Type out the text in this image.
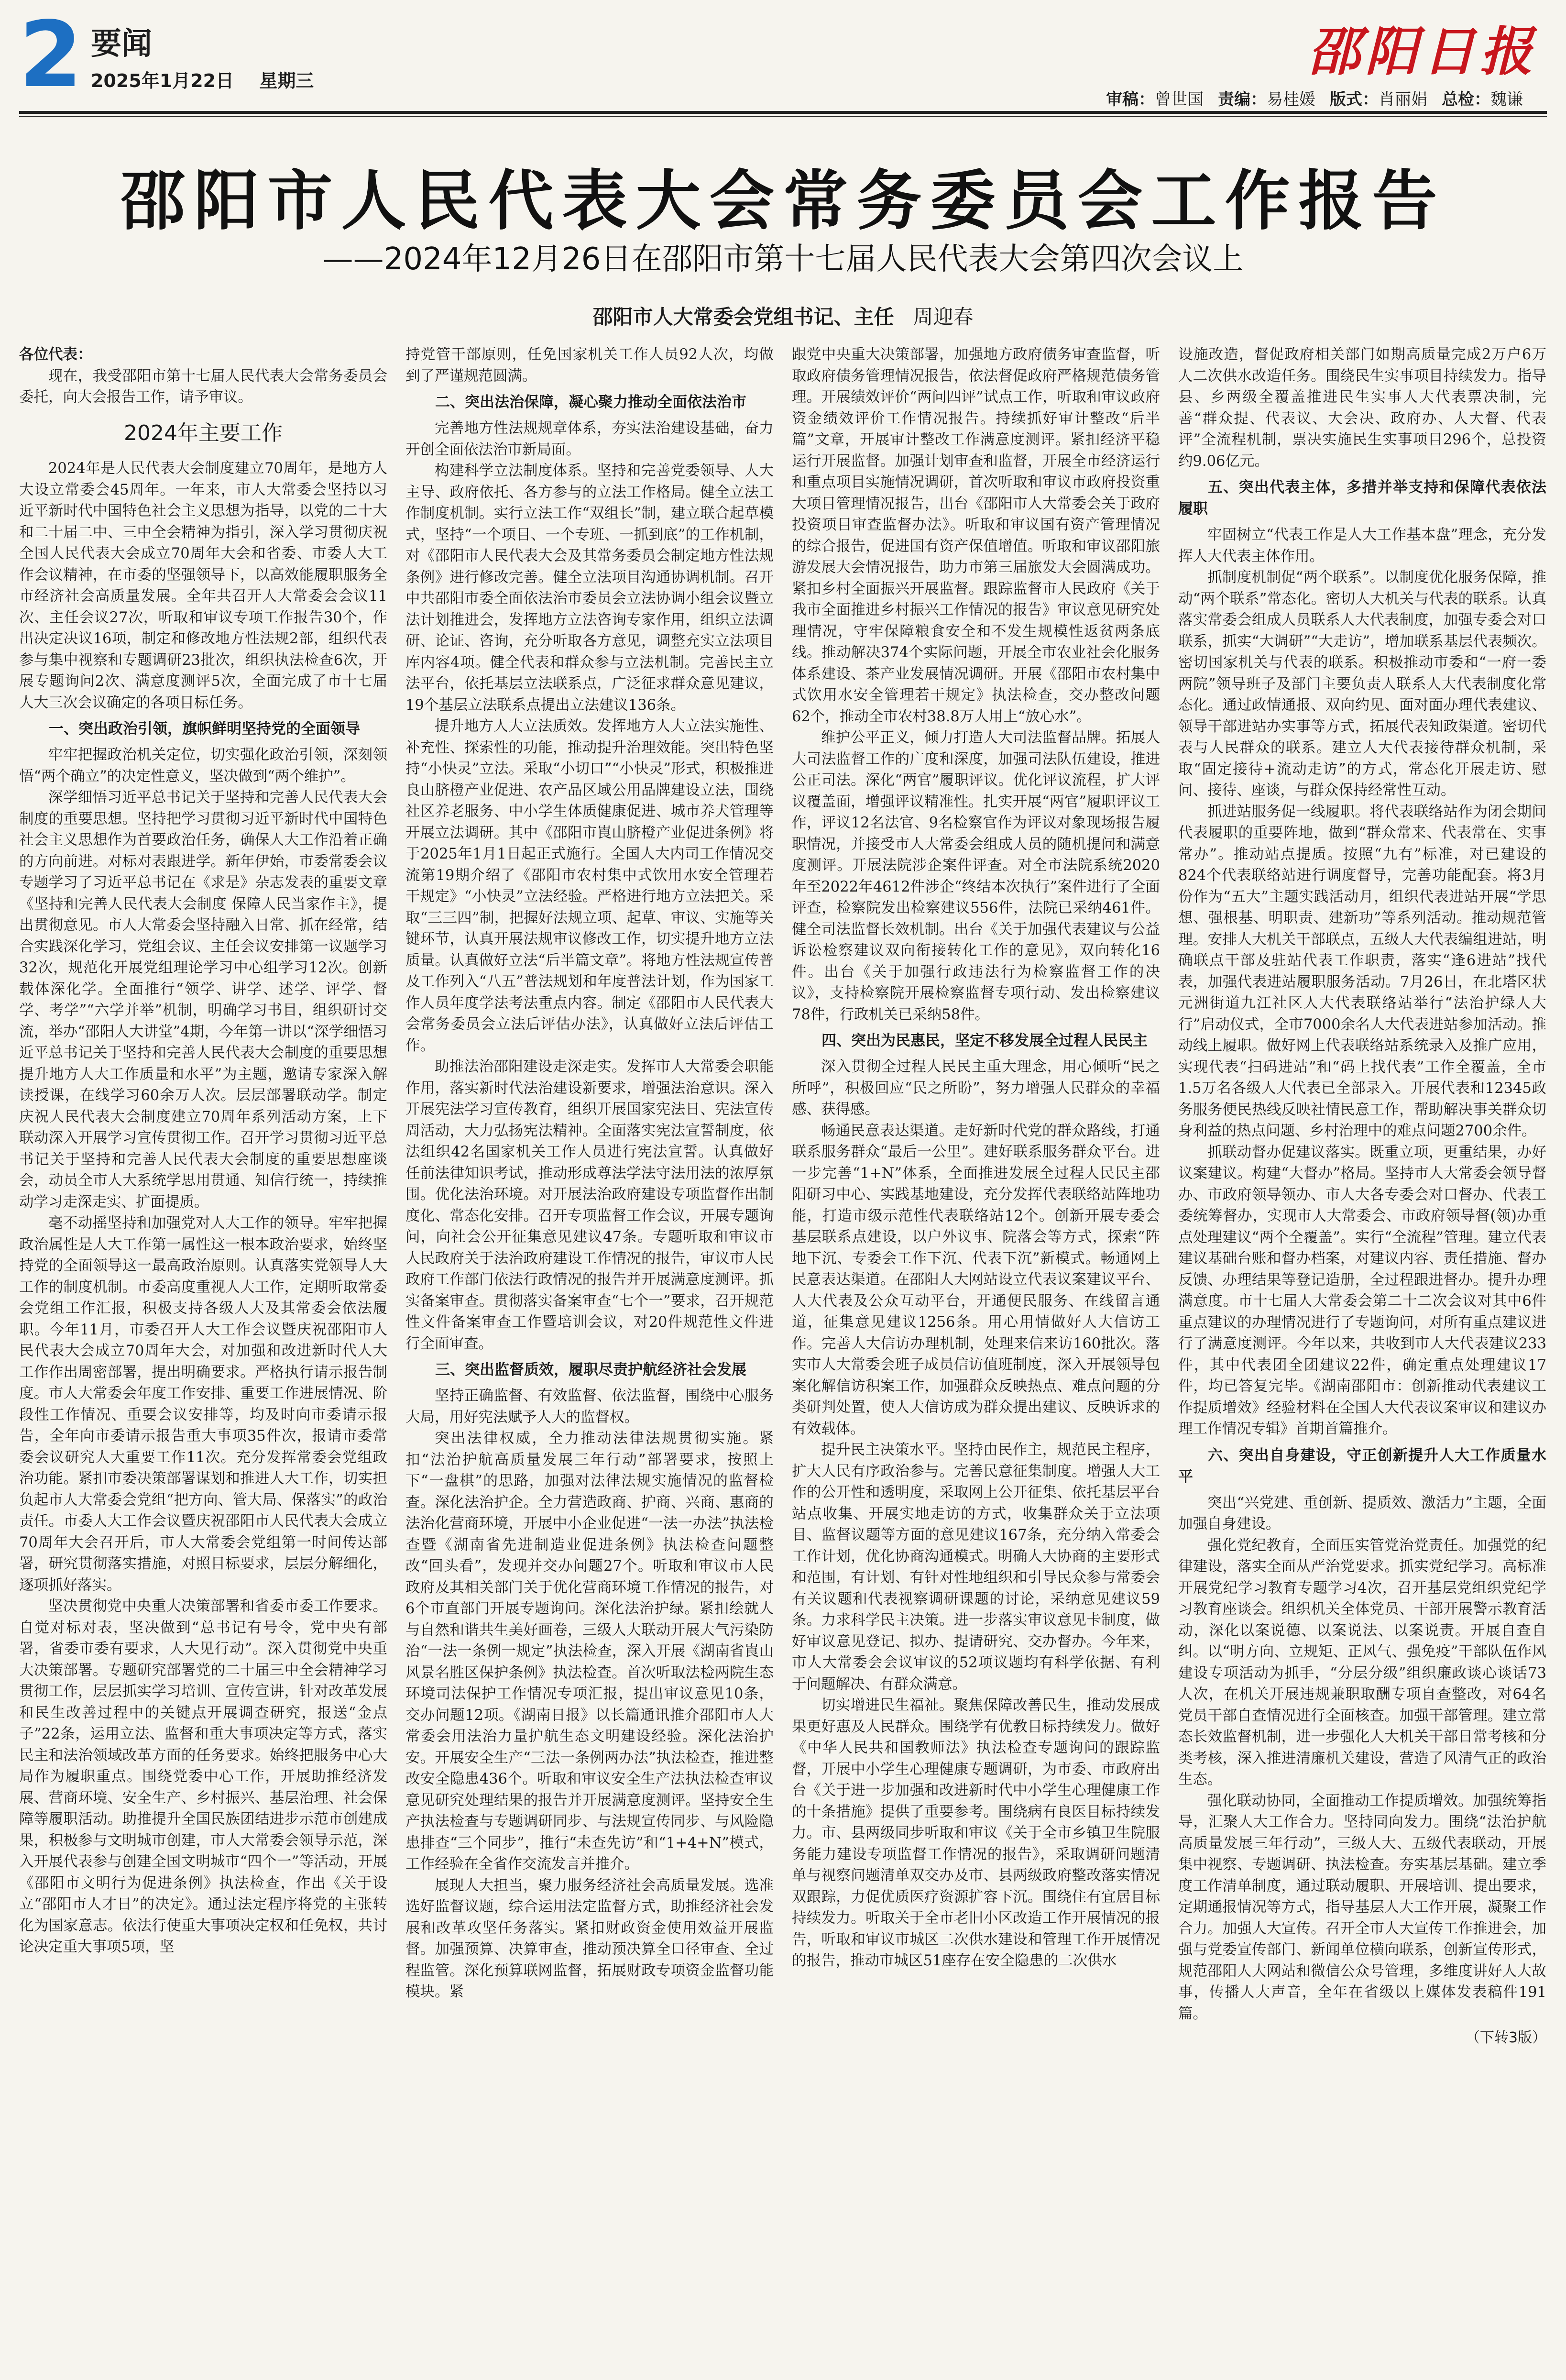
2 要闻
2025年1月22日 星期三	邵阳日报
审稿：曾世国 责编：易桂媛 版式：肖丽娟 总检：魏谦
邵阳市人民代表大会常务委员会工作报告
——2024年12月26日在邵阳市第十七届人民代表大会第四次会议上
邵阳市人大常委会党组书记、主任 周迎春

各位代表：

现在，我受邵阳市第十七届人民代表大会常务委员会委托，向大会报告工作，请予审议。

2024年主要工作

2024年是人民代表大会制度建立70周年，是地方人大设立常委会45周年。一年来，市人大常委会坚持以习近平新时代中国特色社会主义思想为指导，以党的二十大和二十届二中、三中全会精神为指引，深入学习贯彻庆祝全国人民代表大会成立70周年大会和省委、市委人大工作会议精神，在市委的坚强领导下，以高效能履职服务全市经济社会高质量发展。全年共召开人大常委会会议11次、主任会议27次，听取和审议专项工作报告30个，作出决定决议16项，制定和修改地方性法规2部，组织代表参与集中视察和专题调研23批次，组织执法检查6次，开展专题询问2次、满意度测评5次，全面完成了市十七届人大三次会议确定的各项目标任务。

一、突出政治引领，旗帜鲜明坚持党的全面领导

牢牢把握政治机关定位，切实强化政治引领，深刻领悟“两个确立”的决定性意义，坚决做到“两个维护”。

深学细悟习近平总书记关于坚持和完善人民代表大会制度的重要思想。坚持把学习贯彻习近平新时代中国特色社会主义思想作为首要政治任务，确保人大工作沿着正确的方向前进。对标对表跟进学。新年伊始，市委常委会议专题学习了习近平总书记在《求是》杂志发表的重要文章《坚持和完善人民代表大会制度 保障人民当家作主》，提出贯彻意见。市人大常委会坚持融入日常、抓在经常，结合实践深化学习，党组会议、主任会议安排第一议题学习32次，规范化开展党组理论学习中心组学习12次。创新载体深化学。全面推行“领学、讲学、述学、评学、督学、考学”“六学并举”机制，明确学习书目，组织研讨交流，举办“邵阳人大讲堂”4期，今年第一讲以“深学细悟习近平总书记关于坚持和完善人民代表大会制度的重要思想 提升地方人大工作质量和水平”为主题，邀请专家深入解读授课，在线学习60余万人次。层层部署联动学。制定庆祝人民代表大会制度建立70周年系列活动方案，上下联动深入开展学习宣传贯彻工作。召开学习贯彻习近平总书记关于坚持和完善人民代表大会制度的重要思想座谈会，动员全市人大系统学思用贯通、知信行统一，持续推动学习走深走实、扩面提质。

毫不动摇坚持和加强党对人大工作的领导。牢牢把握政治属性是人大工作第一属性这一根本政治要求，始终坚持党的全面领导这一最高政治原则。认真落实党领导人大工作的制度机制。市委高度重视人大工作，定期听取常委会党组工作汇报，积极支持各级人大及其常委会依法履职。今年11月，市委召开人大工作会议暨庆祝邵阳市人民代表大会成立70周年大会，对加强和改进新时代人大工作作出周密部署，提出明确要求。严格执行请示报告制度。市人大常委会年度工作安排、重要工作进展情况、阶段性工作情况、重要会议安排等，均及时向市委请示报告，全年向市委请示报告重大事项35件次，报请市委常委会议研究人大重要工作11次。充分发挥常委会党组政治功能。紧扣市委决策部署谋划和推进人大工作，切实担负起市人大常委会党组“把方向、管大局、保落实”的政治责任。市委人大工作会议暨庆祝邵阳市人民代表大会成立70周年大会召开后，市人大常委会党组第一时间传达部署，研究贯彻落实措施，对照目标要求，层层分解细化，逐项抓好落实。

坚决贯彻党中央重大决策部署和省委市委工作要求。自觉对标对表，坚决做到“总书记有号令，党中央有部署，省委市委有要求，人大见行动”。深入贯彻党中央重大决策部署。专题研究部署党的二十届三中全会精神学习贯彻工作，层层抓实学习培训、宣传宣讲，针对改革发展和民生改善过程中的关键点开展调查研究，报送“金点子”22条，运用立法、监督和重大事项决定等方式，落实民主和法治领域改革方面的任务要求。始终把服务中心大局作为履职重点。围绕党委中心工作，开展助推经济发展、营商环境、安全生产、乡村振兴、基层治理、社会保障等履职活动。助推提升全国民族团结进步示范市创建成果，积极参与文明城市创建，市人大常委会领导示范，深入开展代表参与创建全国文明城市“四个一”等活动，开展《邵阳市文明行为促进条例》执法检查，作出《关于设立“邵阳市人才日”的决定》。通过法定程序将党的主张转化为国家意志。依法行使重大事项决定权和任免权，共讨论决定重大事项5项，坚

持党管干部原则，任免国家机关工作人员92人次，均做到了严谨规范圆满。

二、突出法治保障，凝心聚力推动全面依法治市

完善地方性法规规章体系，夯实法治建设基础，奋力开创全面依法治市新局面。

构建科学立法制度体系。坚持和完善党委领导、人大主导、政府依托、各方参与的立法工作格局。健全立法工作制度机制。实行立法工作“双组长”制，建立联合起草模式，坚持“一个项目、一个专班、一抓到底”的工作机制，对《邵阳市人民代表大会及其常务委员会制定地方性法规条例》进行修改完善。健全立法项目沟通协调机制。召开中共邵阳市委全面依法治市委员会立法协调小组会议暨立法计划推进会，发挥地方立法咨询专家作用，组织立法调研、论证、咨询，充分听取各方意见，调整充实立法项目库内容4项。健全代表和群众参与立法机制。完善民主立法平台，依托基层立法联系点，广泛征求群众意见建议，19个基层立法联系点提出立法建议136条。

提升地方人大立法质效。发挥地方人大立法实施性、补充性、探索性的功能，推动提升治理效能。突出特色坚持“小快灵”立法。采取“小切口”“小快灵”形式，积极推进良山脐橙产业促进、农产品区域公用品牌建设立法，围绕社区养老服务、中小学生体质健康促进、城市养犬管理等开展立法调研。其中《邵阳市崀山脐橙产业促进条例》将于2025年1月1日起正式施行。全国人大内司工作情况交流第19期介绍了《邵阳市农村集中式饮用水安全管理若干规定》“小快灵”立法经验。严格进行地方立法把关。采取“三三四”制，把握好法规立项、起草、审议、实施等关键环节，认真开展法规审议修改工作，切实提升地方立法质量。认真做好立法“后半篇文章”。将地方性法规宣传普及工作列入“八五”普法规划和年度普法计划，作为国家工作人员年度学法考法重点内容。制定《邵阳市人民代表大会常务委员会立法后评估办法》，认真做好立法后评估工作。

助推法治邵阳建设走深走实。发挥市人大常委会职能作用，落实新时代法治建设新要求，增强法治意识。深入开展宪法学习宣传教育，组织开展国家宪法日、宪法宣传周活动，大力弘扬宪法精神。全面落实宪法宣誓制度，依法组织42名国家机关工作人员进行宪法宣誓。认真做好任前法律知识考试，推动形成尊法学法守法用法的浓厚氛围。优化法治环境。对开展法治政府建设专项监督作出制度化、常态化安排。召开专项监督工作会议，开展专题询问，向社会公开征集意见建议47条。专题听取和审议市人民政府关于法治政府建设工作情况的报告，审议市人民政府工作部门依法行政情况的报告并开展满意度测评。抓实备案审查。贯彻落实备案审查“七个一”要求，召开规范性文件备案审查工作暨培训会议，对20件规范性文件进行全面审查。

三、突出监督质效，履职尽责护航经济社会发展

坚持正确监督、有效监督、依法监督，围绕中心服务大局，用好宪法赋予人大的监督权。

突出法律权威，全力推动法律法规贯彻实施。紧扣“法治护航高质量发展三年行动”部署要求，按照上下“一盘棋”的思路，加强对法律法规实施情况的监督检查。深化法治护企。全力营造政商、护商、兴商、惠商的法治化营商环境，开展中小企业促进“一法一办法”执法检查暨《湖南省先进制造业促进条例》执法检查问题整改“回头看”，发现并交办问题27个。听取和审议市人民政府及其相关部门关于优化营商环境工作情况的报告，对6个市直部门开展专题询问。深化法治护绿。紧扣绘就人与自然和谐共生美好画卷，三级人大联动开展大气污染防治“一法一条例一规定”执法检查，深入开展《湖南省崀山风景名胜区保护条例》执法检查。首次听取法检两院生态环境司法保护工作情况专项汇报，提出审议意见10条，交办问题12项。《湖南日报》以长篇通讯推介邵阳市人大常委会用法治力量护航生态文明建设经验。深化法治护安。开展安全生产“三法一条例两办法”执法检查，推进整改安全隐患436个。听取和审议安全生产法执法检查审议意见研究处理结果的报告并开展满意度测评。坚持安全生产执法检查与专题调研同步、与法规宣传同步、与风险隐患排查“三个同步”，推行“未查先访”和“1+4+N”模式，工作经验在全省作交流发言并推介。

展现人大担当，聚力服务经济社会高质量发展。选准选好监督议题，综合运用法定监督方式，助推经济社会发展和改革攻坚任务落实。紧扣财政资金使用效益开展监督。加强预算、决算审查，推动预决算全口径审查、全过程监管。深化预算联网监督，拓展财政专项资金监督功能模块。紧

跟党中央重大决策部署，加强地方政府债务审查监督，听取政府债务管理情况报告，依法督促政府严格规范债务管理。开展绩效评价“两问四评”试点工作，听取和审议政府资金绩效评价工作情况报告。持续抓好审计整改“后半篇”文章，开展审计整改工作满意度测评。紧扣经济平稳运行开展监督。加强计划审查和监督，开展全市经济运行和重点项目实施情况调研，首次听取和审议市政府投资重大项目管理情况报告，出台《邵阳市人大常委会关于政府投资项目审查监督办法》。听取和审议国有资产管理情况的综合报告，促进国有资产保值增值。听取和审议邵阳旅游发展大会情况报告，助力市第三届旅发大会圆满成功。紧扣乡村全面振兴开展监督。跟踪监督市人民政府《关于我市全面推进乡村振兴工作情况的报告》审议意见研究处理情况，守牢保障粮食安全和不发生规模性返贫两条底线。推动解决374个实际问题，开展全市农业社会化服务体系建设、茶产业发展情况调研。开展《邵阳市农村集中式饮用水安全管理若干规定》执法检查，交办整改问题62个，推动全市农村38.8万人用上“放心水”。

维护公平正义，倾力打造人大司法监督品牌。拓展人大司法监督工作的广度和深度，加强司法队伍建设，推进公正司法。深化“两官”履职评议。优化评议流程，扩大评议覆盖面，增强评议精准性。扎实开展“两官”履职评议工作，评议12名法官、9名检察官作为评议对象现场报告履职情况，并接受市人大常委会组成人员的随机提问和满意度测评。开展法院涉企案件评查。对全市法院系统2020年至2022年4612件涉企“终结本次执行”案件进行了全面评查，检察院发出检察建议556件，法院已采纳461件。健全司法监督长效机制。出台《关于加强代表建议与公益诉讼检察建议双向衔接转化工作的意见》，双向转化16件。出台《关于加强行政违法行为检察监督工作的决议》，支持检察院开展检察监督专项行动、发出检察建议78件，行政机关已采纳58件。

四、突出为民惠民，坚定不移发展全过程人民民主

深入贯彻全过程人民民主重大理念，用心倾听“民之所呼”，积极回应“民之所盼”，努力增强人民群众的幸福感、获得感。

畅通民意表达渠道。走好新时代党的群众路线，打通联系服务群众“最后一公里”。建好联系服务群众平台。进一步完善“1+N”体系，全面推进发展全过程人民民主邵阳研习中心、实践基地建设，充分发挥代表联络站阵地功能，打造市级示范性代表联络站12个。创新开展专委会基层联系点建设，以户外议事、院落会等方式，探索“阵地下沉、专委会工作下沉、代表下沉”新模式。畅通网上民意表达渠道。在邵阳人大网站设立代表议案建议平台、人大代表及公众互动平台，开通便民服务、在线留言通道，征集意见建议1256条。用心用情做好人大信访工作。完善人大信访办理机制，处理来信来访160批次。落实市人大常委会班子成员信访值班制度，深入开展领导包案化解信访积案工作，加强群众反映热点、难点问题的分类研判处置，使人大信访成为群众提出建议、反映诉求的有效载体。

提升民主决策水平。坚持由民作主，规范民主程序，扩大人民有序政治参与。完善民意征集制度。增强人大工作的公开性和透明度，采取网上公开征集、依托基层平台站点收集、开展实地走访的方式，收集群众关于立法项目、监督议题等方面的意见建议167条，充分纳入常委会工作计划，优化协商沟通模式。明确人大协商的主要形式和范围，有计划、有针对性地组织和引导民众参与常委会有关议题和代表视察调研课题的讨论，采纳意见建议59条。力求科学民主决策。进一步落实审议意见卡制度，做好审议意见登记、拟办、提请研究、交办督办。今年来，市人大常委会会议审议的52项议题均有科学依据、有利于问题解决、有群众满意。

切实增进民生福祉。聚焦保障改善民生，推动发展成果更好惠及人民群众。围绕学有优教目标持续发力。做好《中华人民共和国教师法》执法检查专题询问的跟踪监督，开展中小学生心理健康专题调研，为市委、市政府出台《关于进一步加强和改进新时代中小学生心理健康工作的十条措施》提供了重要参考。围绕病有良医目标持续发力。市、县两级同步听取和审议《关于全市乡镇卫生院服务能力建设专项监督工作情况的报告》，采取调研问题清单与视察问题清单双交办及市、县两级政府整改落实情况双跟踪，力促优质医疗资源扩容下沉。围绕住有宜居目标持续发力。听取关于全市老旧小区改造工作开展情况的报告，听取和审议市城区二次供水建设和管理工作开展情况的报告，推动市城区51座存在安全隐患的二次供水

设施改造，督促政府相关部门如期高质量完成2万户6万人二次供水改造任务。围绕民生实事项目持续发力。指导县、乡两级全覆盖推进民生实事人大代表票决制，完善“群众提、代表议、大会决、政府办、人大督、代表评”全流程机制，票决实施民生实事项目296个，总投资约9.06亿元。

五、突出代表主体，多措并举支持和保障代表依法履职

牢固树立“代表工作是人大工作基本盘”理念，充分发挥人大代表主体作用。

抓制度机制促“两个联系”。以制度优化服务保障，推动“两个联系”常态化。密切人大机关与代表的联系。认真落实常委会组成人员联系人大代表制度，加强专委会对口联系，抓实“大调研”“大走访”，增加联系基层代表频次。密切国家机关与代表的联系。积极推动市委和“一府一委两院”领导班子及部门主要负责人联系人大代表制度化常态化。通过政情通报、双向约见、面对面办理代表建议、领导干部进站办实事等方式，拓展代表知政渠道。密切代表与人民群众的联系。建立人大代表接待群众机制，采取“固定接待+流动走访”的方式，常态化开展走访、慰问、接待、座谈，与群众保持经常性互动。

抓进站服务促一线履职。将代表联络站作为闭会期间代表履职的重要阵地，做到“群众常来、代表常在、实事常办”。推动站点提质。按照“九有”标准，对已建设的824个代表联络站进行调度督导，完善功能配套。将3月份作为“五大”主题实践活动月，组织代表进站开展“学思想、强根基、明职责、建新功”等系列活动。推动规范管理。安排人大机关干部联点，五级人大代表编组进站，明确联点干部及驻站代表工作职责，落实“逢6进站”找代表，加强代表进站履职服务活动。7月26日，在北塔区状元洲街道九江社区人大代表联络站举行“法治护绿人大行”启动仪式，全市7000余名人大代表进站参加活动。推动线上履职。做好网上代表联络站系统录入及推广应用，实现代表“扫码进站”和“码上找代表”工作全覆盖，全市1.5万名各级人大代表已全部录入。开展代表和12345政务服务便民热线反映社情民意工作，帮助解决事关群众切身利益的热点问题、乡村治理中的难点问题2700余件。

抓联动督办促建议落实。既重立项，更重结果，办好议案建议。构建“大督办”格局。坚持市人大常委会领导督办、市政府领导领办、市人大各专委会对口督办、代表工委统筹督办，实现市人大常委会、市政府领导督(领)办重点处理建议“两个全覆盖”。实行“全流程”管理。建立代表建议基础台账和督办档案，对建议内容、责任措施、督办反馈、办理结果等登记造册，全过程跟进督办。提升办理满意度。市十七届人大常委会第二十二次会议对其中6件重点建议的办理情况进行了专题询问，对所有重点建议进行了满意度测评。今年以来，共收到市人大代表建议233件，其中代表团全团建议22件，确定重点处理建议17件，均已答复完毕。《湖南邵阳市：创新推动代表建议工作提质增效》经验材料在全国人大代表议案审议和建议办理工作情况专辑》首期首篇推介。

六、突出自身建设，守正创新提升人大工作质量水平

突出“兴党建、重创新、提质效、激活力”主题，全面加强自身建设。

强化党纪教育，全面压实管党治党责任。加强党的纪律建设，落实全面从严治党要求。抓实党纪学习。高标准开展党纪学习教育专题学习4次，召开基层党组织党纪学习教育座谈会。组织机关全体党员、干部开展警示教育活动，深化以案说德、以案说法、以案说责。开展自查自纠。以“明方向、立规矩、正风气、强免疫”干部队伍作风建设专项活动为抓手，“分层分级”组织廉政谈心谈话73人次，在机关开展违规兼职取酬专项自查整改，对64名党员干部自查情况进行全面核查。加强干部管理。建立常态长效监督机制，进一步强化人大机关干部日常考核和分类考核，深入推进清廉机关建设，营造了风清气正的政治生态。

强化联动协同，全面推动工作提质增效。加强统筹指导，汇聚人大工作合力。坚持同向发力。围绕“法治护航高质量发展三年行动”，三级人大、五级代表联动，开展集中视察、专题调研、执法检查。夯实基层基础。建立季度工作清单制度，通过联动履职、开展培训、提出要求，定期通报情况等方式，指导基层人大工作开展，凝聚工作合力。加强人大宣传。召开全市人大宣传工作推进会，加强与党委宣传部门、新闻单位横向联系，创新宣传形式，规范邵阳人大网站和微信公众号管理，多维度讲好人大故事，传播人大声音，全年在省级以上媒体发表稿件191篇。

（下转3版）
